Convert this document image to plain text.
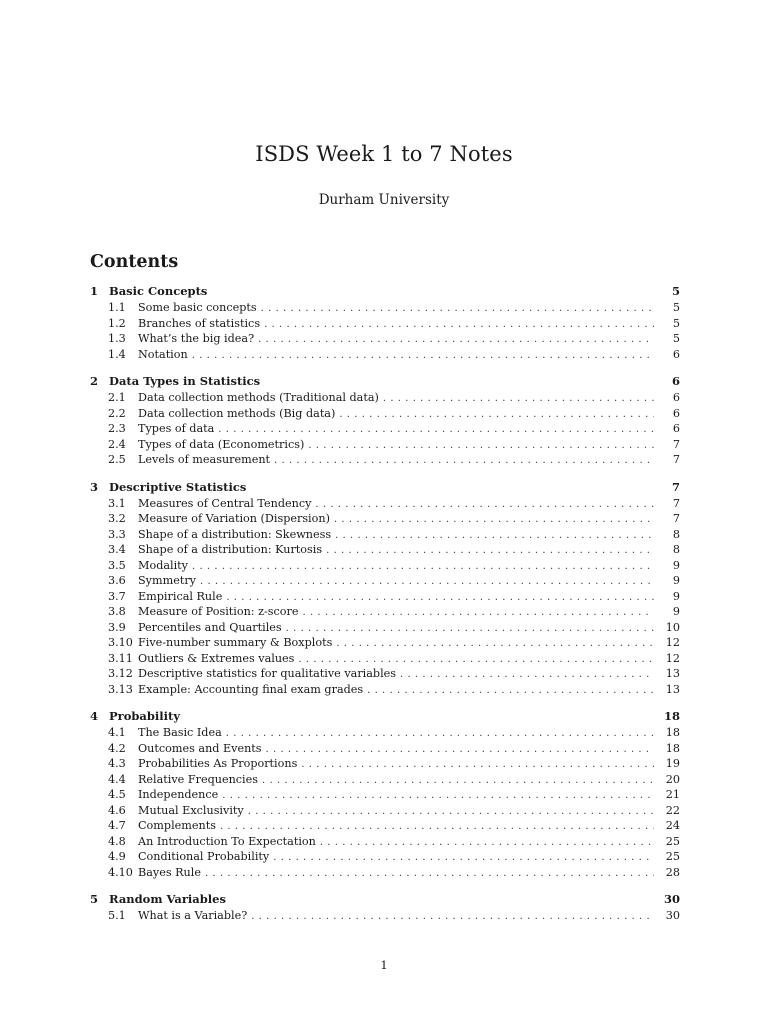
ISDS Week 1 to 7 Notes
Durham University
Contents
1 Basic Concepts	5
1.1	Some basic concepts . . .	5
1.2	Branches of statistics . . .	5
1.3	What’s the big idea? . . .	5
1.4	Notation . . .	6
2 Data Types in Statistics	6
2.1	Data collection methods (Traditional data) . . .	6
2.2	Data collection methods (Big data) . . .	6
2.3	Types of data . . .	6
2.4	Types of data (Econometrics) . . .	7
2.5	Levels of measurement . . .	7
3 Descriptive Statistics	7
3.1	Measures of Central Tendency . . .	7
3.2	Measure of Variation (Dispersion) . . .	7
3.3	Shape of a distribution: Skewness . . .	8
3.4	Shape of a distribution: Kurtosis . . .	8
3.5	Modality . . .	9
3.6	Symmetry . . .	9
3.7	Empirical Rule . . .	9
3.8	Measure of Position: z-score . . .	9
3.9	Percentiles and Quartiles . . .	10
3.10 Five-number summary & Boxplots . . .	12
3.11 Outliers & Extremes values . . .	12
3.12 Descriptive statistics for qualitative variables . . .	13
3.13 Example: Accounting final exam grades . . .	13
4 Probability	18
4.1	The Basic Idea . . .	18
4.2	Outcomes and Events . . .	18
4.3	Probabilities As Proportions . . .	19
4.4	Relative Frequencies . . .	20
4.5	Independence . . .	21
4.6	Mutual Exclusivity . . .	22
4.7	Complements . . .	24
4.8	An Introduction To Expectation . . .	25
4.9	Conditional Probability . . .	25
4.10 Bayes Rule . . .	28
5 Random Variables	30
5.1	What is a Variable? . . .	30
1
